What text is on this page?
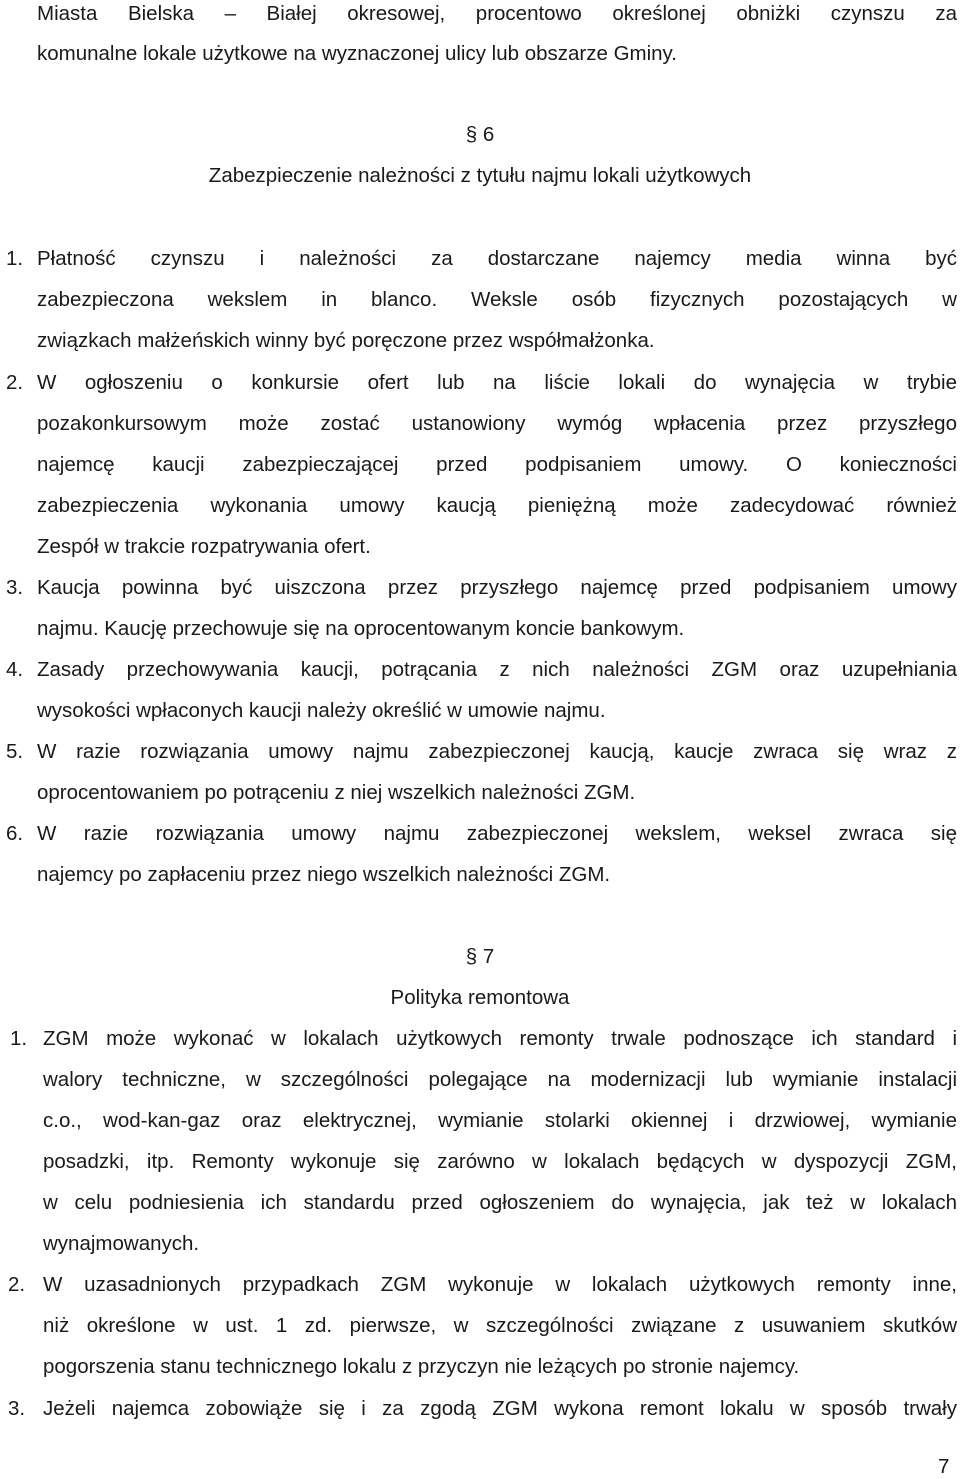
Miasta Bielska – Białej okresowej, procentowo określonej obniżki czynszu za
komunalne lokale użytkowe na wyznaczonej ulicy lub obszarze Gminy.
§ 6
Zabezpieczenie należności z tytułu najmu lokali użytkowych
1. Płatność czynszu i należności za dostarczane najemcy media winna być
zabezpieczona wekslem in blanco. Weksle osób fizycznych pozostających w
związkach małżeńskich winny być poręczone przez współmałżonka.
2. W ogłoszeniu o konkursie ofert lub na liście lokali do wynajęcia w trybie
pozakonkursowym może zostać ustanowiony wymóg wpłacenia przez przyszłego
najemcę kaucji zabezpieczającej przed podpisaniem umowy. O konieczności
zabezpieczenia wykonania umowy kaucją pieniężną może zadecydować również
Zespół w trakcie rozpatrywania ofert.
3. Kaucja powinna być uiszczona przez przyszłego najemcę przed podpisaniem umowy
najmu. Kaucję przechowuje się na oprocentowanym koncie bankowym.
4. Zasady przechowywania kaucji, potrącania z nich należności ZGM oraz uzupełniania
wysokości wpłaconych kaucji należy określić w umowie najmu.
5. W razie rozwiązania umowy najmu zabezpieczonej kaucją, kaucje zwraca się wraz z
oprocentowaniem po potrąceniu z niej wszelkich należności ZGM.
6. W razie rozwiązania umowy najmu zabezpieczonej wekslem, weksel zwraca się
najemcy po zapłaceniu przez niego wszelkich należności ZGM.
§ 7
Polityka remontowa
1. ZGM może wykonać w lokalach użytkowych remonty trwale podnoszące ich standard i
walory techniczne, w szczególności polegające na modernizacji lub wymianie instalacji
c.o., wod-kan-gaz oraz elektrycznej, wymianie stolarki okiennej i drzwiowej, wymianie
posadzki, itp. Remonty wykonuje się zarówno w lokalach będących w dyspozycji ZGM,
w celu podniesienia ich standardu przed ogłoszeniem do wynajęcia, jak też w lokalach
wynajmowanych.
2. W uzasadnionych przypadkach ZGM wykonuje w lokalach użytkowych remonty inne,
niż określone w ust. 1 zd. pierwsze, w szczególności związane z usuwaniem skutków
pogorszenia stanu technicznego lokalu z przyczyn nie leżących po stronie najemcy.
3. Jeżeli najemca zobowiąże się i za zgodą ZGM wykona remont lokalu w sposób trwały
7
